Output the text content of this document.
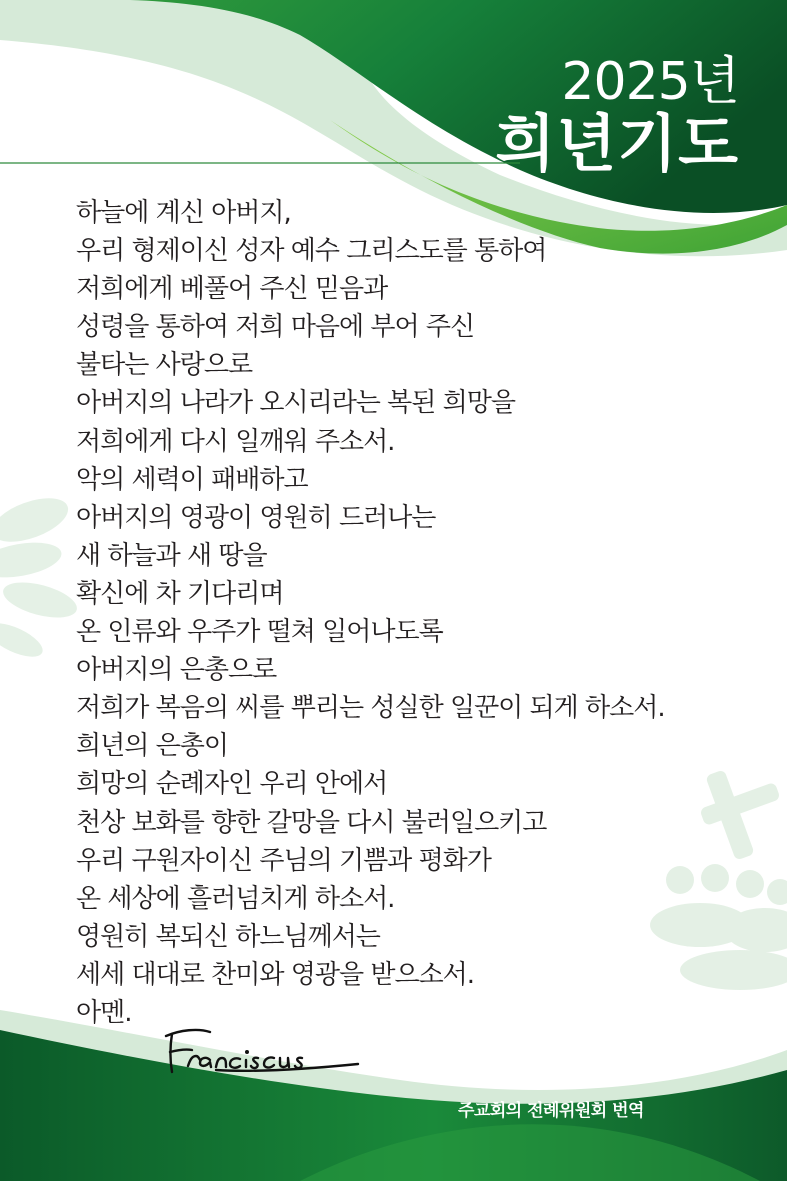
2025년
희년기도
하늘에 계신 아버지,
우리 형제이신 성자 예수 그리스도를 통하여
저희에게 베풀어 주신 믿음과
성령을 통하여 저희 마음에 부어 주신
불타는 사랑으로
아버지의 나라가 오시리라는 복된 희망을
저희에게 다시 일깨워 주소서.
악의 세력이 패배하고
아버지의 영광이 영원히 드러나는
새 하늘과 새 땅을
확신에 차 기다리며
온 인류와 우주가 떨쳐 일어나도록
아버지의 은총으로
저희가 복음의 씨를 뿌리는 성실한 일꾼이 되게 하소서.
희년의 은총이
희망의 순례자인 우리 안에서
천상 보화를 향한 갈망을 다시 불러일으키고
우리 구원자이신 주님의 기쁨과 평화가
온 세상에 흘러넘치게 하소서.
영원히 복되신 하느님께서는
세세 대대로 찬미와 영광을 받으소서.
아멘.

주교회의 전례위원회 번역
